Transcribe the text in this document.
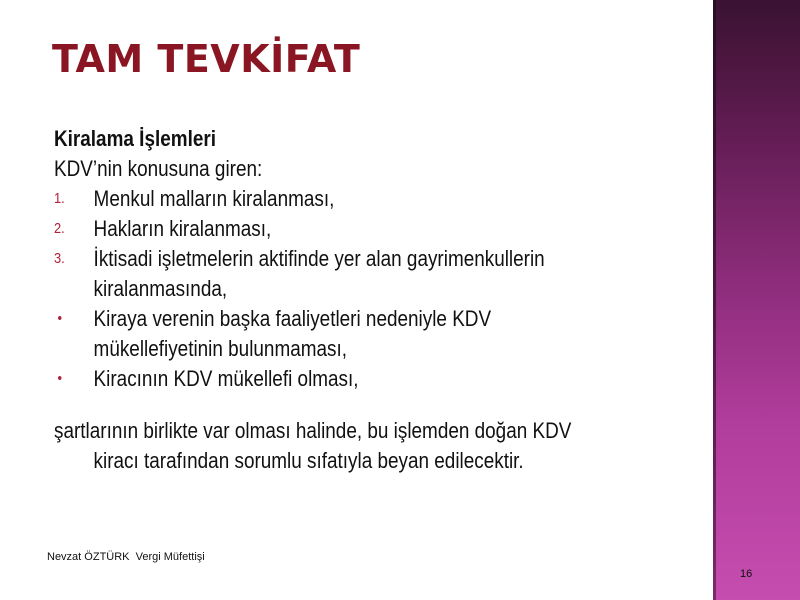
TAM TEVKİFAT

Kiralama İşlemleri

KDV’nin konusuna giren:

1.	Menkul malların kiralanması,
2.	Hakların kiralanması,
3.	İktisadi işletmelerin aktifinde yer alan gayrimenkullerin
kiralanmasında,
•	Kiraya verenin başka faaliyetleri nedeniyle KDV
mükellefiyetinin bulunmaması,
•	Kiracının KDV mükellefi olması,

şartlarının birlikte var olması halinde, bu işlemden doğan KDV kiracı tarafından sorumlu sıfatıyla beyan edilecektir.

Nevzat ÖZTÜRK  Vergi Müfettişi
16
